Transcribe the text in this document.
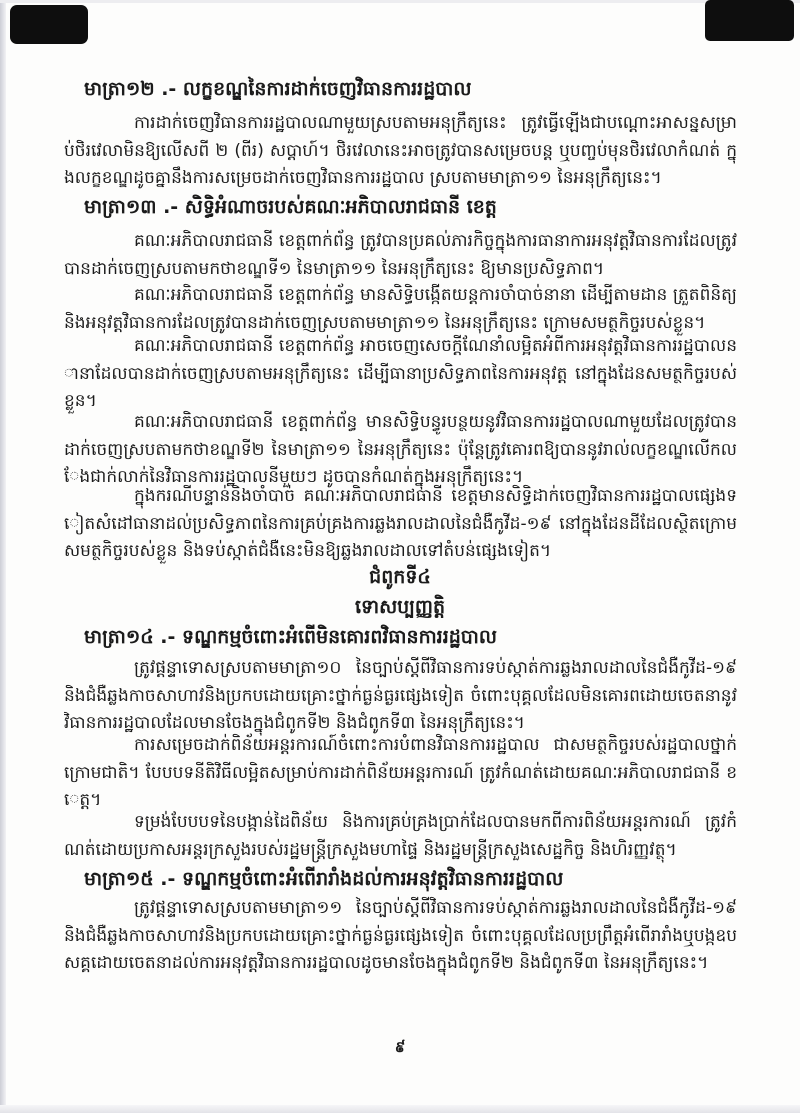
មាត្រា១២ .- លក្ខខណ្ឌនៃការដាក់ចេញវិធានការរដ្ឋបាល
ការដាក់ចេញវិធានការរដ្ឋបាលណាមួយស្របតាមអនុក្រឹត្យនេះ ត្រូវធ្វើឡើងជាបណ្ដោះអាសន្នសម្រាប់ថិរវេលាមិនឱ្យលើសពី ២ (ពីរ) សប្តាហ៍។ ថិរវេលានេះអាចត្រូវបានសម្រេចបន្ត ឬបញ្ចប់មុនថិរវេលាកំណត់ ក្នុងលក្ខខណ្ឌដូចគ្នានឹងការសម្រេចដាក់ចេញវិធានការរដ្ឋបាល ស្របតាមមាត្រា១១ នៃអនុក្រឹត្យនេះ។
មាត្រា១៣ .- សិទ្ធិអំណាចរបស់គណៈអភិបាលរាជធានី ខេត្ត
គណៈអភិបាលរាជធានី ខេត្តពាក់ព័ន្ធ ត្រូវបានប្រគល់ភារកិច្ចក្នុងការធានាការអនុវត្តវិធានការដែលត្រូវបានដាក់ចេញស្របតាមកថាខណ្ឌទី១ នៃមាត្រា១១ នៃអនុក្រឹត្យនេះ ឱ្យមានប្រសិទ្ធភាព។
គណៈអភិបាលរាជធានី ខេត្តពាក់ព័ន្ធ មានសិទ្ធិបង្កើតយន្តការចាំបាច់នានា ដើម្បីតាមដាន ត្រួតពិនិត្យនិងអនុវត្តវិធានការដែលត្រូវបានដាក់ចេញស្របតាមមាត្រា១១ នៃអនុក្រឹត្យនេះ ក្រោមសមត្ថកិច្ចរបស់ខ្លួន។
គណៈអភិបាលរាជធានី ខេត្តពាក់ព័ន្ធ អាចចេញសេចក្តីណែនាំលម្អិតអំពីការអនុវត្តវិធានការរដ្ឋបាលនានាដែលបានដាក់ចេញស្របតាមអនុក្រឹត្យនេះ ដើម្បីធានាប្រសិទ្ធភាពនៃការអនុវត្ត នៅក្នុងដែនសមត្ថកិច្ចរបស់ខ្លួន។
គណៈអភិបាលរាជធានី ខេត្តពាក់ព័ន្ធ មានសិទ្ធិបន្ធូរបន្ថយនូវវិធានការរដ្ឋបាលណាមួយដែលត្រូវបានដាក់ចេញស្របតាមកថាខណ្ឌទី២ នៃមាត្រា១១ នៃអនុក្រឹត្យនេះ ប៉ុន្តែត្រូវគោរពឱ្យបាននូវរាល់លក្ខខណ្ឌលើកលែងជាក់លាក់នៃវិធានការរដ្ឋបាលនីមួយៗ ដូចបានកំណត់ក្នុងអនុក្រឹត្យនេះ។
ក្នុងករណីបន្ទាន់និងចាំបាច់ គណៈអភិបាលរាជធានី ខេត្តមានសិទ្ធិដាក់ចេញវិធានការរដ្ឋបាលផ្សេងទៀតសំដៅធានាដល់ប្រសិទ្ធភាពនៃការគ្រប់គ្រងការឆ្លងរាលដាលនៃជំងឺកូវីដ-១៩ នៅក្នុងដែនដីដែលស្ថិតក្រោមសមត្ថកិច្ចរបស់ខ្លួន និងទប់ស្កាត់ជំងឺនេះមិនឱ្យឆ្លងរាលដាលទៅតំបន់ផ្សេងទៀត។
ជំពូកទី៤
ទោសប្បញ្ញត្តិ
មាត្រា១៤ .- ទណ្ឌកម្មចំពោះអំពើមិនគោរពវិធានការរដ្ឋបាល
ត្រូវផ្តន្ទាទោសស្របតាមមាត្រា១០ នៃច្បាប់ស្តីពីវិធានការទប់ស្កាត់ការឆ្លងរាលដាលនៃជំងឺកូវីដ-១៩ និងជំងឺឆ្លងកាចសាហាវនិងប្រកបដោយគ្រោះថ្នាក់ធ្ងន់ធ្ងរផ្សេងទៀត ចំពោះបុគ្គលដែលមិនគោរពដោយចេតនានូវវិធានការរដ្ឋបាលដែលមានចែងក្នុងជំពូកទី២ និងជំពូកទី៣ នៃអនុក្រឹត្យនេះ។
ការសម្រេចដាក់ពិន័យអន្តរការណ៍ចំពោះការបំពានវិធានការរដ្ឋបាល ជាសមត្ថកិច្ចរបស់រដ្ឋបាលថ្នាក់ក្រោមជាតិ។ បែបបទនីតិវិធីលម្អិតសម្រាប់ការដាក់ពិន័យអន្តរការណ៍ ត្រូវកំណត់ដោយគណៈអភិបាលរាជធានី ខេត្ត។
ទម្រង់បែបបទនៃបង្កាន់ដៃពិន័យ និងការគ្រប់គ្រងប្រាក់ដែលបានមកពីការពិន័យអន្តរការណ៍ ត្រូវកំណត់ដោយប្រកាសអន្តរក្រសួងរបស់រដ្ឋមន្ត្រីក្រសួងមហាផ្ទៃ និងរដ្ឋមន្ត្រីក្រសួងសេដ្ឋកិច្ច និងហិរញ្ញវត្ថុ។
មាត្រា១៥ .- ទណ្ឌកម្មចំពោះអំពើរារាំងដល់ការអនុវត្តវិធានការរដ្ឋបាល
ត្រូវផ្តន្ទាទោសស្របតាមមាត្រា១១ នៃច្បាប់ស្តីពីវិធានការទប់ស្កាត់ការឆ្លងរាលដាលនៃជំងឺកូវីដ-១៩ និងជំងឺឆ្លងកាចសាហាវនិងប្រកបដោយគ្រោះថ្នាក់ធ្ងន់ធ្ងរផ្សេងទៀត ចំពោះបុគ្គលដែលប្រព្រឹត្តអំពើរារាំងឬបង្កឧបសគ្គដោយចេតនាដល់ការអនុវត្តវិធានការរដ្ឋបាលដូចមានចែងក្នុងជំពូកទី២ និងជំពូកទី៣ នៃអនុក្រឹត្យនេះ។
៩
